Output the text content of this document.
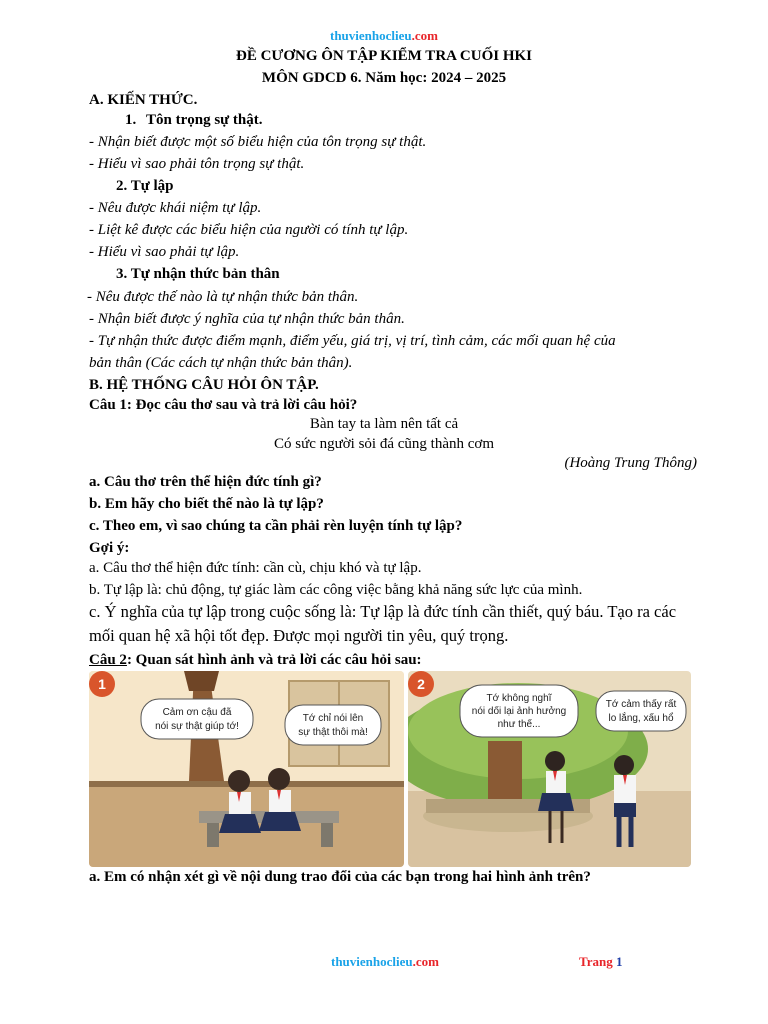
thuvienhoclieu.com
ĐỀ CƯƠNG ÔN TẬP KIỂM TRA CUỐI HKI
MÔN GDCD 6. Năm học: 2024 – 2025
A. KIẾN THỨC.
1. Tôn trọng sự thật.
- Nhận biết được một số biểu hiện của tôn trọng sự thật.
- Hiểu vì sao phải tôn trọng sự thật.
2. Tự lập
- Nêu được khái niệm tự lập.
- Liệt kê được các biểu hiện của người có tính tự lập.
- Hiểu vì sao phải tự lập.
3. Tự nhận thức bản thân
- Nêu được thế nào là tự nhận thức bản thân.
- Nhận biết được ý nghĩa của tự nhận thức bản thân.
- Tự nhận thức được điểm mạnh, điểm yếu, giá trị, vị trí, tình cảm, các mối quan hệ của
bản thân (Các cách tự nhận thức bản thân).
B. HỆ THỐNG CÂU HỎI ÔN TẬP.
Câu 1: Đọc câu thơ sau và trả lời câu hỏi?
Bàn tay ta làm nên tất cả
Có sức người sỏi đá cũng thành cơm
(Hoàng Trung Thông)
a. Câu thơ trên thể hiện đức tính gì?
b. Em hãy cho biết thế nào là tự lập?
c. Theo em, vì sao chúng ta cần phải rèn luyện tính tự lập?
Gợi ý:
a. Câu thơ thể hiện đức tính: cần cù, chịu khó và tự lập.
b. Tự lập là: chủ động, tự giác làm các công việc bằng khả năng sức lực của mình.
c. Ý nghĩa của tự lập trong cuộc sống là: Tự lập là đức tính cần thiết, quý báu. Tạo ra các
mối quan hệ xã hội tốt đẹp. Được mọi người tin yêu, quý trọng.
Câu 2: Quan sát hình ảnh và trả lời các câu hỏi sau:
1
Cảm ơn cậu đã
nói sự thật giúp tớ!
Tớ chỉ nói lên
sự thật thôi mà!
2
Tớ không nghĩ
nói dối lại ảnh hưởng
như thế...
Tớ cảm thấy rất
lo lắng, xấu hổ
a. Em có nhận xét gì về nội dung trao đổi của các bạn trong hai hình ảnh trên?
thuvienhoclieu.com	Trang 1
